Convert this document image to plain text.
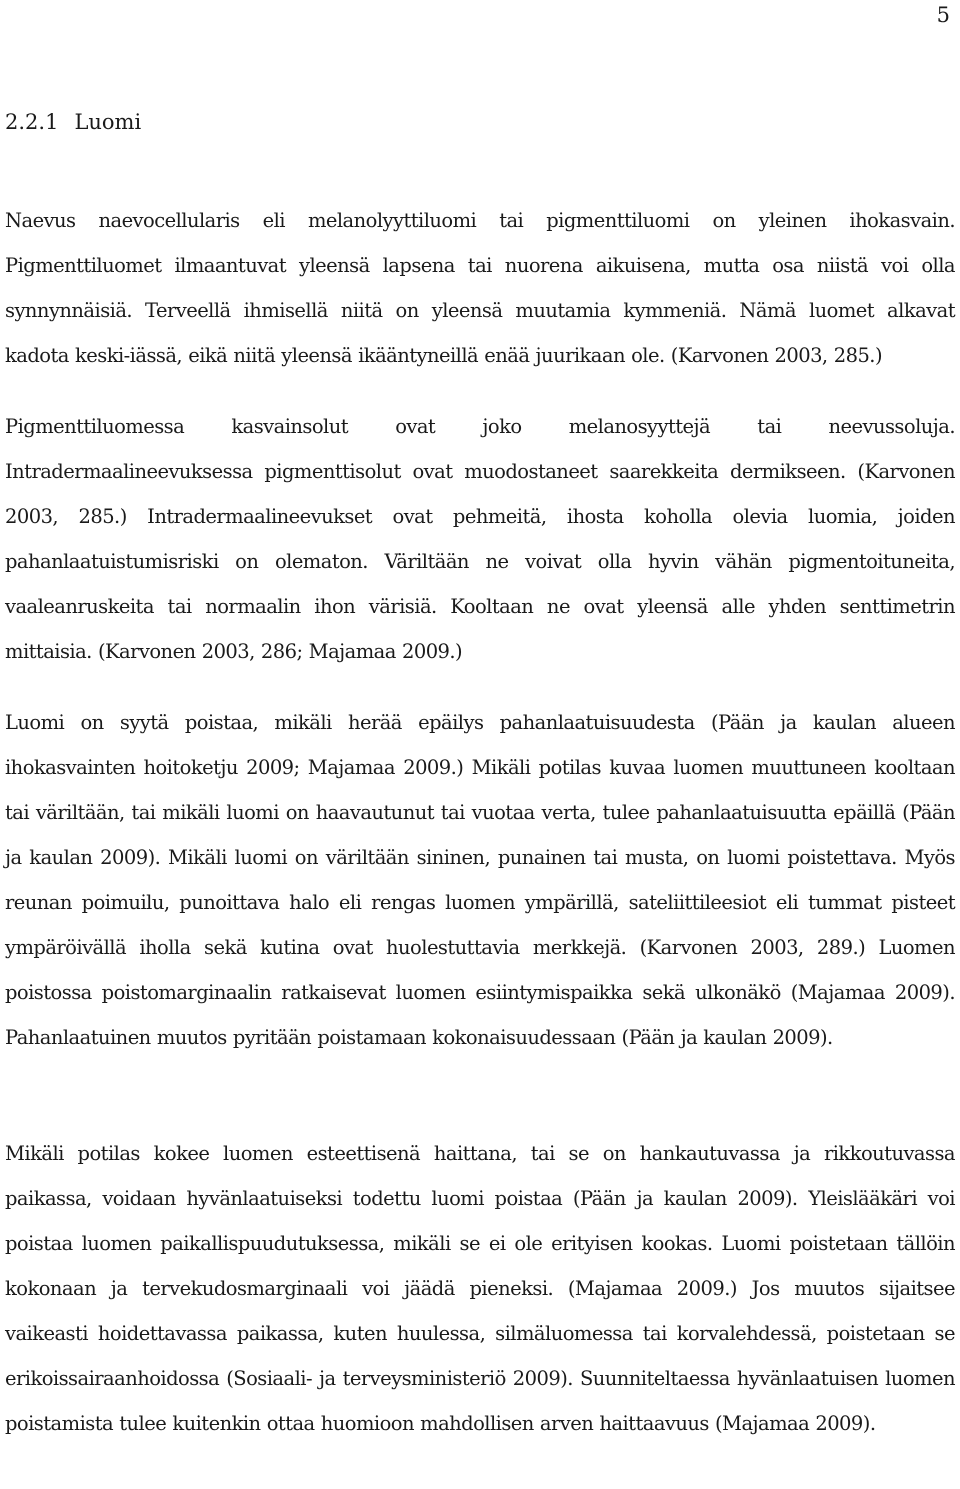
5
2.2.1 Luomi

Naevus naevocellularis eli melanolyyttiluomi tai pigmenttiluomi on yleinen ihokasvain. Pigmenttiluomet ilmaantuvat yleensä lapsena tai nuorena aikuisena, mutta osa niistä voi olla synnynnäisiä. Terveellä ihmisellä niitä on yleensä muutamia kymmeniä. Nämä luomet alkavat kadota keski-iässä, eikä niitä yleensä ikääntyneillä enää juurikaan ole. (Karvonen 2003, 285.)

Pigmenttiluomessa kasvainsolut ovat joko melanosyyttejä tai neevussoluja. Intradermaalineevuksessa pigmenttisolut ovat muodostaneet saarekkeita dermikseen. (Karvonen 2003, 285.) Intradermaalineevukset ovat pehmeitä, ihosta koholla olevia luomia, joiden pahanlaatuistumisriski on olematon. Väriltään ne voivat olla hyvin vähän pigmentoituneita, vaaleanruskeita tai normaalin ihon värisiä. Kooltaan ne ovat yleensä alle yhden senttimetrin mittaisia. (Karvonen 2003, 286; Majamaa 2009.)

Luomi on syytä poistaa, mikäli herää epäilys pahanlaatuisuudesta (Pään ja kaulan alueen ihokasvainten hoitoketju 2009; Majamaa 2009.) Mikäli potilas kuvaa luomen muuttuneen kooltaan tai väriltään, tai mikäli luomi on haavautunut tai vuotaa verta, tulee pahanlaatuisuutta epäillä (Pään ja kaulan 2009). Mikäli luomi on väriltään sininen, punainen tai musta, on luomi poistettava. Myös reunan poimuilu, punoittava halo eli rengas luomen ympärillä, sateliittileesiot eli tummat pisteet ympäröivällä iholla sekä kutina ovat huolestuttavia merkkejä. (Karvonen 2003, 289.) Luomen poistossa poistomarginaalin ratkaisevat luomen esiintymispaikka sekä ulkonäkö (Majamaa 2009). Pahanlaatuinen muutos pyritään poistamaan kokonaisuudessaan (Pään ja kaulan 2009).

Mikäli potilas kokee luomen esteettisenä haittana, tai se on hankautuvassa ja rikkoutuvassa paikassa, voidaan hyvänlaatuiseksi todettu luomi poistaa (Pään ja kaulan 2009). Yleislääkäri voi poistaa luomen paikallispuudutuksessa, mikäli se ei ole erityisen kookas. Luomi poistetaan tällöin kokonaan ja tervekudosmarginaali voi jäädä pieneksi. (Majamaa 2009.) Jos muutos sijaitsee vaikeasti hoidettavassa paikassa, kuten huulessa, silmäluomessa tai korvalehdessä, poistetaan se erikoissairaanhoidossa (Sosiaali- ja terveysministeriö 2009). Suunniteltaessa hyvänlaatuisen luomen poistamista tulee kuitenkin ottaa huomioon mahdollisen arven haittaavuus (Majamaa 2009).
